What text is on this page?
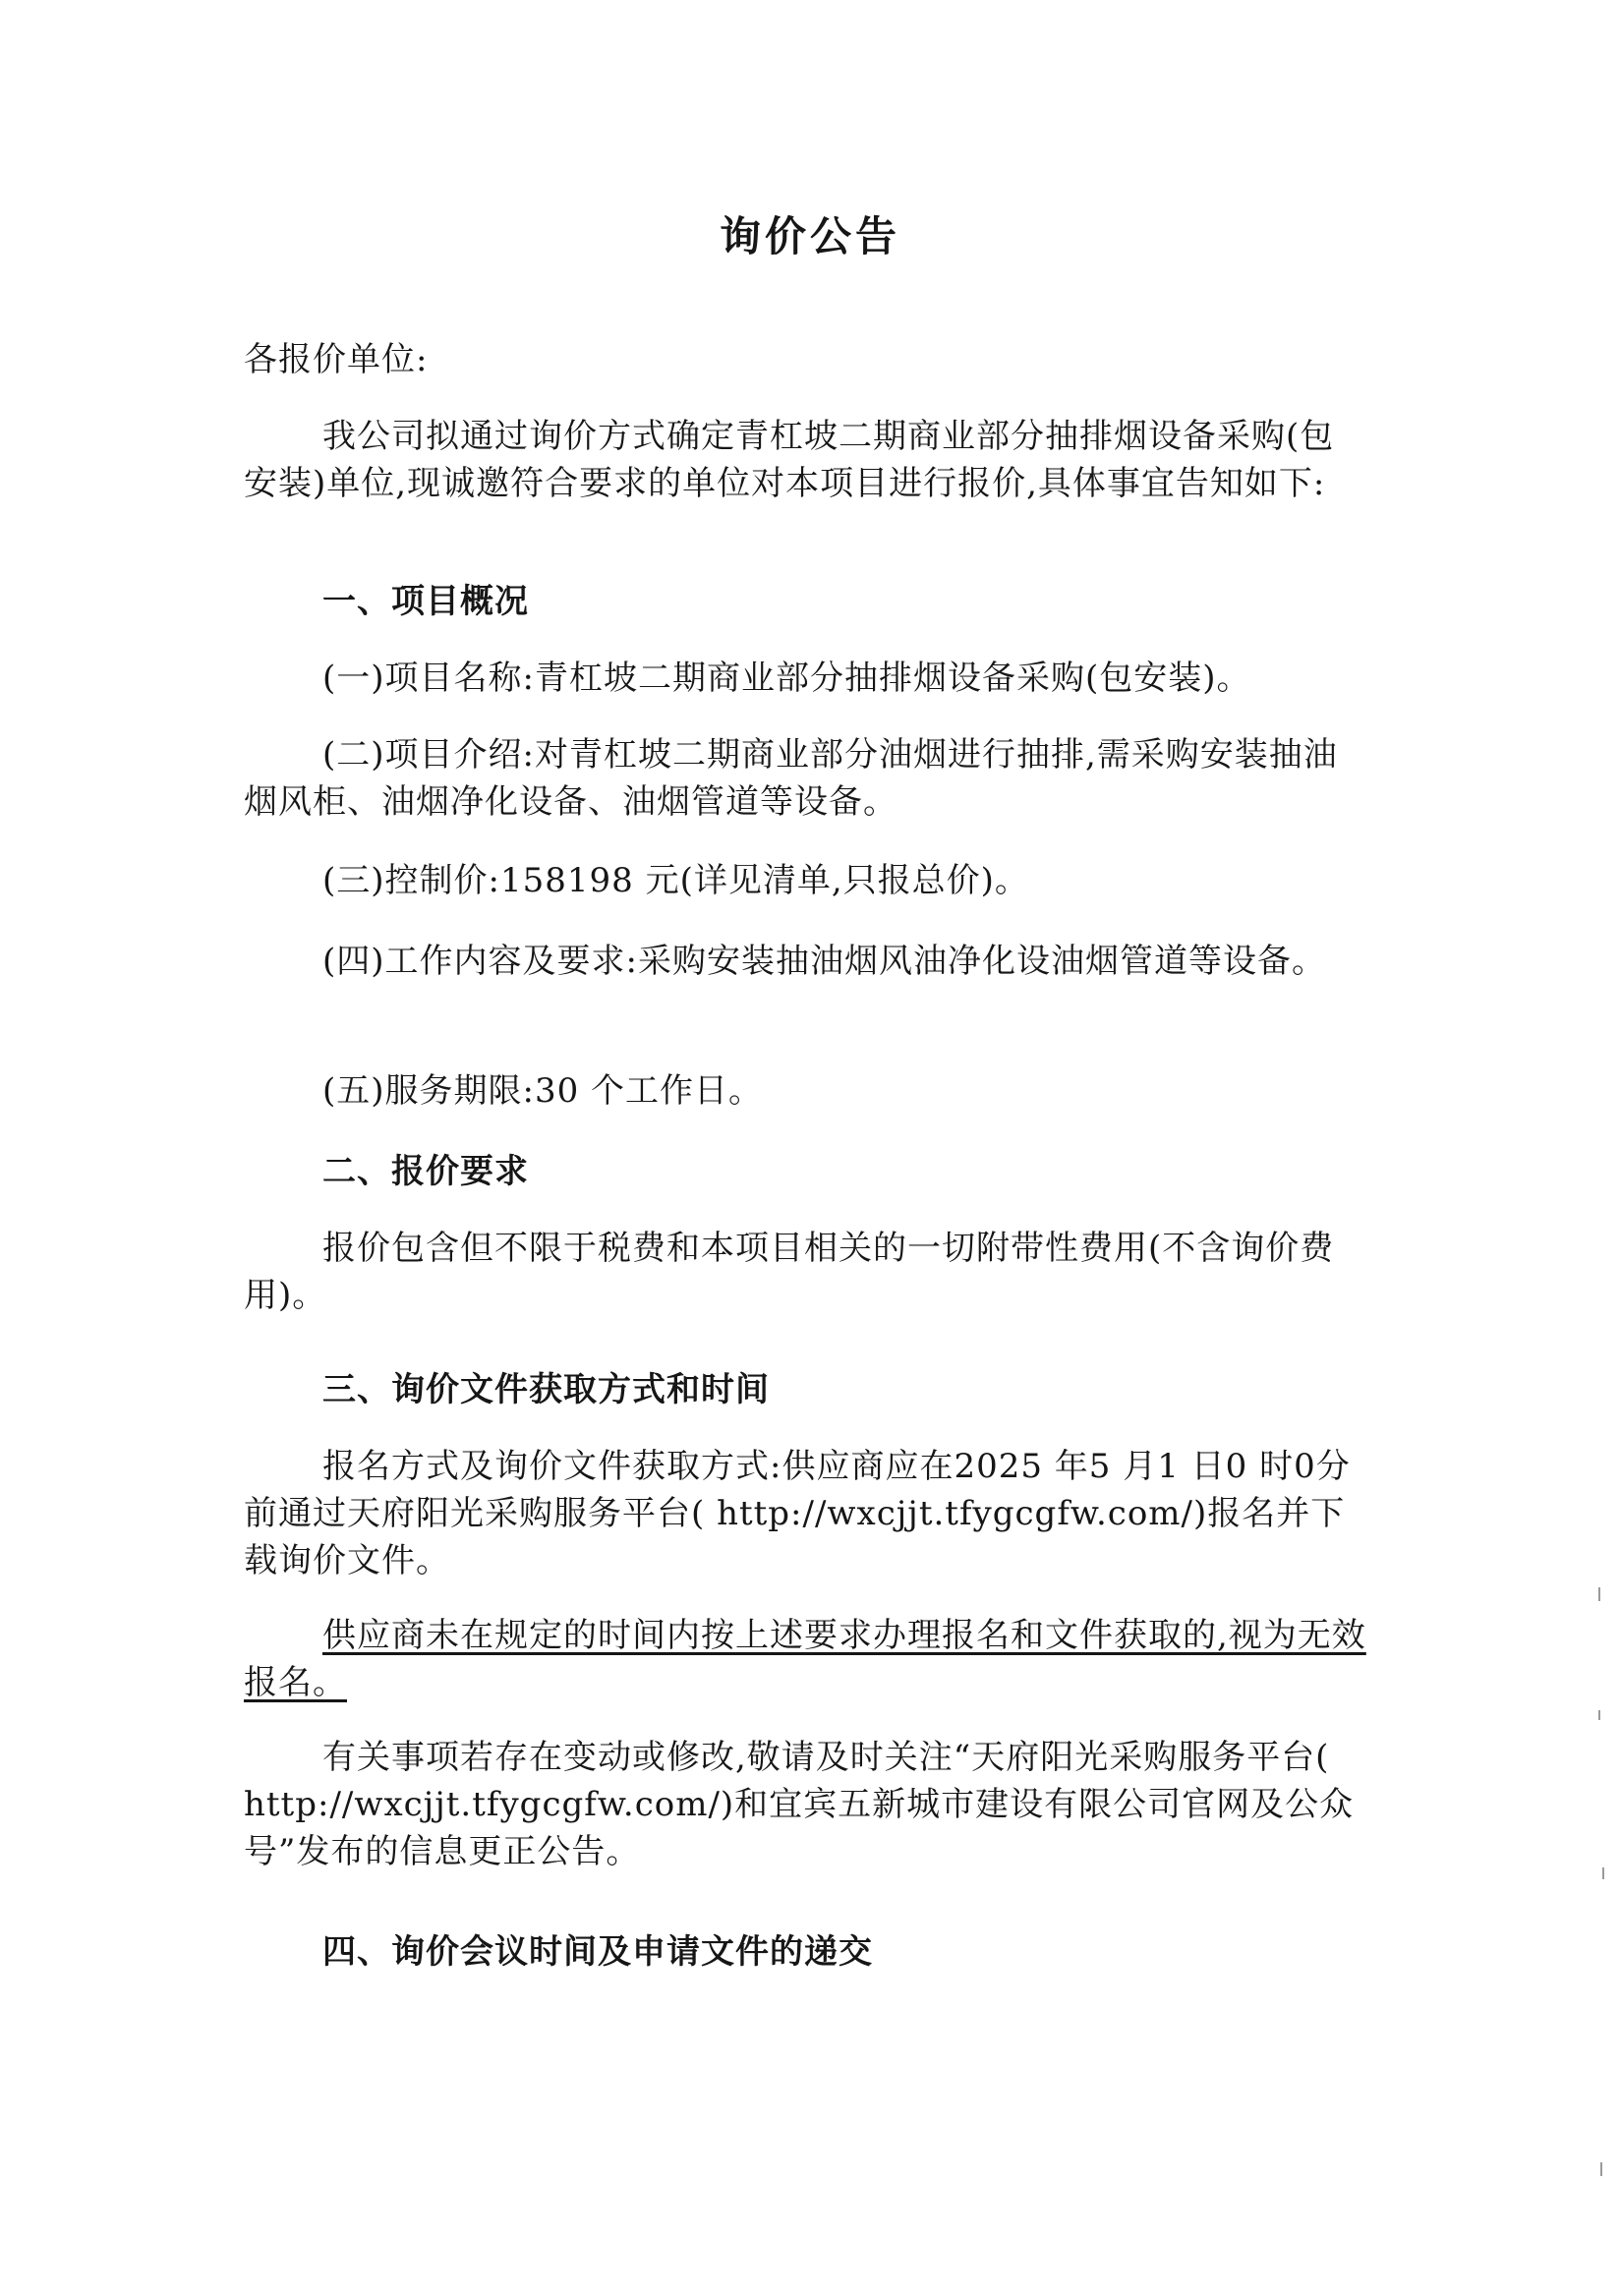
询价公告

各报价单位:

我公司拟通过询价方式确定青杠坡二期商业部分抽排烟设备采购(包安装)单位,现诚邀符合要求的单位对本项目进行报价,具体事宜告知如下:

一、项目概况

(一)项目名称:青杠坡二期商业部分抽排烟设备采购(包安装)。

(二)项目介绍:对青杠坡二期商业部分油烟进行抽排,需采购安装抽油烟风柜、油烟净化设备、油烟管道等设备。

(三)控制价:158198 元(详见清单,只报总价)。

(四)工作内容及要求:采购安装抽油烟风油净化设油烟管道等设备。

(五)服务期限:30 个工作日。

二、报价要求

报价包含但不限于税费和本项目相关的一切附带性费用(不含询价费用)。

三、询价文件获取方式和时间

报名方式及询价文件获取方式:供应商应在2025 年5 月1 日0 时0分前通过天府阳光采购服务平台( http://wxcjjt.tfygcgfw.com/)报名并下载询价文件。

供应商未在规定的时间内按上述要求办理报名和文件获取的,视为无效报名。

有关事项若存在变动或修改,敬请及时关注“天府阳光采购服务平台( http://wxcjjt.tfygcgfw.com/)和宜宾五新城市建设有限公司官网及公众号”发布的信息更正公告。

四、询价会议时间及申请文件的递交
